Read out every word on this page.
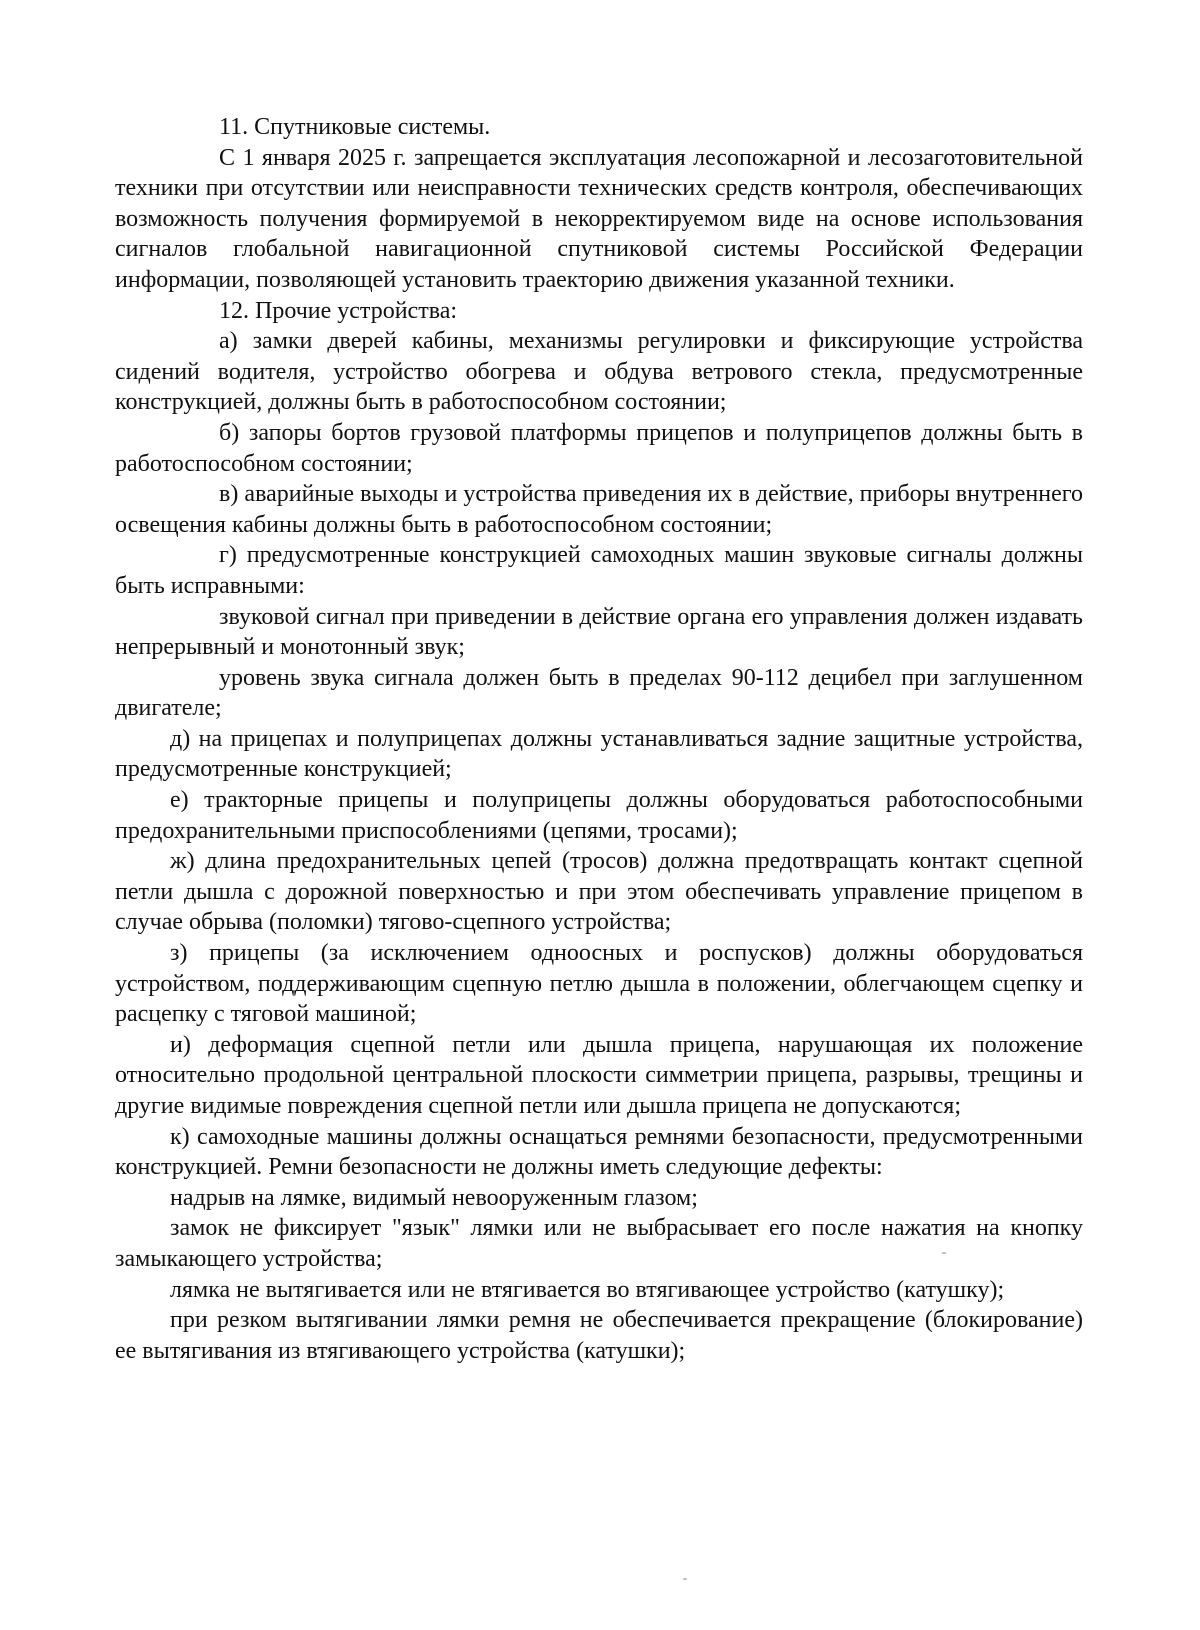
11. Спутниковые системы.

С 1 января 2025 г. запрещается эксплуатация лесопожарной и лесозаготовительной техники при отсутствии или неисправности технических средств контроля, обеспечивающих возможность получения формируемой в некорректируемом виде на основе использования сигналов глобальной навигационной спутниковой системы Российской Федерации информации, позволяющей установить траекторию движения указанной техники.

12. Прочие устройства:

а) замки дверей кабины, механизмы регулировки и фиксирующие устройства сидений водителя, устройство обогрева и обдува ветрового стекла, предусмотренные конструкцией, должны быть в работоспособном состоянии;

б) запоры бортов грузовой платформы прицепов и полуприцепов должны быть в работоспособном состоянии;

в) аварийные выходы и устройства приведения их в действие, приборы внутреннего освещения кабины должны быть в работоспособном состоянии;

г) предусмотренные конструкцией самоходных машин звуковые сигналы должны быть исправными:

звуковой сигнал при приведении в действие органа его управления должен издавать непрерывный и монотонный звук;

уровень звука сигнала должен быть в пределах 90-112 децибел при заглушенном двигателе;

д) на прицепах и полуприцепах должны устанавливаться задние защитные устройства, предусмотренные конструкцией;

е) тракторные прицепы и полуприцепы должны оборудоваться работоспособными предохранительными приспособлениями (цепями, тросами);

ж) длина предохранительных цепей (тросов) должна предотвращать контакт сцепной петли дышла с дорожной поверхностью и при этом обеспечивать управление прицепом в случае обрыва (поломки) тягово-сцепного устройства;

з) прицепы (за исключением одноосных и роспусков) должны оборудоваться устройством, поддерживающим сцепную петлю дышла в положении, облегчающем сцепку и расцепку с тяговой машиной;

и) деформация сцепной петли или дышла прицепа, нарушающая их положение относительно продольной центральной плоскости симметрии прицепа, разрывы, трещины и другие видимые повреждения сцепной петли или дышла прицепа не допускаются;

к) самоходные машины должны оснащаться ремнями безопасности, предусмотренными конструкцией. Ремни безопасности не должны иметь следующие дефекты:

надрыв на лямке, видимый невооруженным глазом;

замок не фиксирует "язык" лямки или не выбрасывает его после нажатия на кнопку замыкающего устройства;

лямка не вытягивается или не втягивается во втягивающее устройство (катушку);

при резком вытягивании лямки ремня не обеспечивается прекращение (блокирование) ее вытягивания из втягивающего устройства (катушки);
